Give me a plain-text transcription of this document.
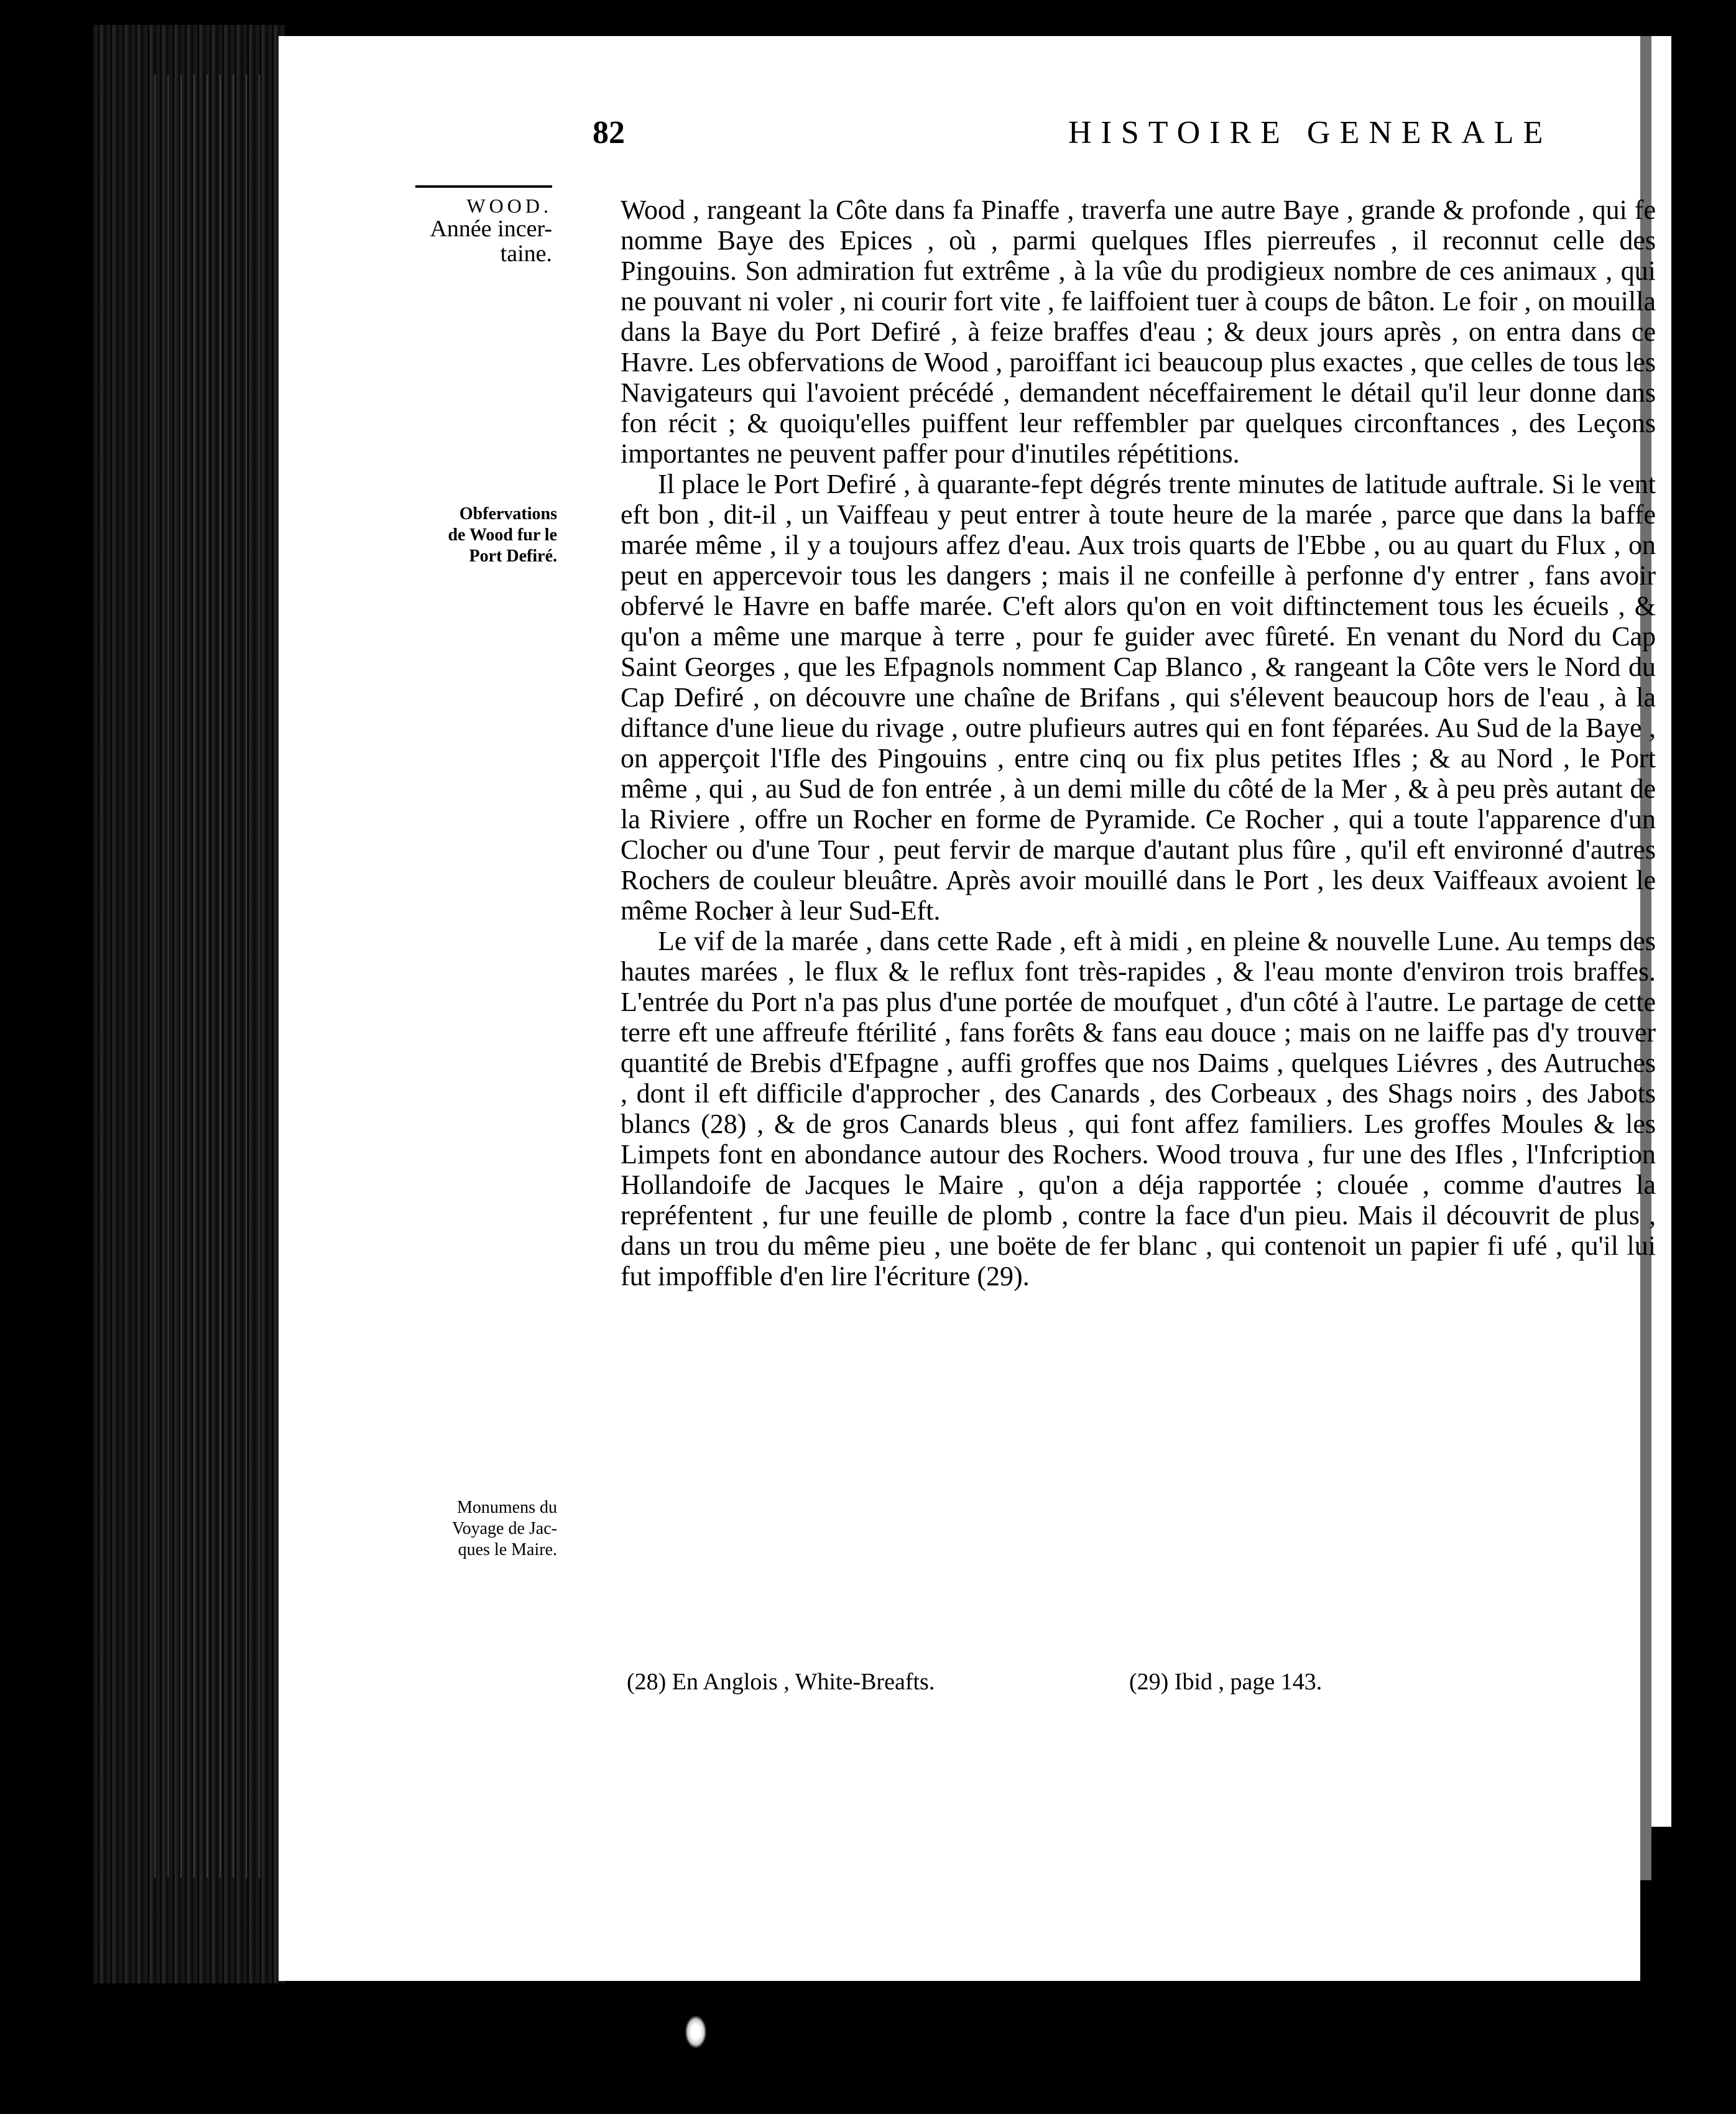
82	HISTOIRE GENERALE
WOOD.
Année incer-
taine.
Obfervations
de Wood fur le
Port Defiré.
Monumens du
Voyage de Jac-
ques le Maire.

Wood , rangeant la Côte dans fa Pinaffe , traverfa une autre Baye , grande & profonde , qui fe nomme Baye des Epices , où , parmi quelques Ifles pierreufes , il reconnut celle des Pingouins. Son admiration fut extrême , à la vûe du prodigieux nombre de ces animaux , qui ne pouvant ni voler , ni courir fort vite , fe laiffoient tuer à coups de bâton. Le foir , on mouilla dans la Baye du Port Defiré , à feize braffes d'eau ; & deux jours après , on entra dans ce Havre. Les obfervations de Wood , paroiffant ici beaucoup plus exactes , que celles de tous les Navigateurs qui l'avoient précédé , demandent néceffairement le détail qu'il leur donne dans fon récit ; & quoiqu'elles puiffent leur reffembler par quelques circonftances , des Leçons importantes ne peuvent paffer pour d'inutiles répétitions.

Il place le Port Defiré , à quarante-fept dégrés trente minutes de latitude auftrale. Si le vent eft bon , dit-il , un Vaiffeau y peut entrer à toute heure de la marée , parce que dans la baffe marée même , il y a toujours affez d'eau. Aux trois quarts de l'Ebbe , ou au quart du Flux , on peut en appercevoir tous les dangers ; mais il ne confeille à perfonne d'y entrer , fans avoir obfervé le Havre en baffe marée. C'eft alors qu'on en voit diftinctement tous les écueils , & qu'on a même une marque à terre , pour fe guider avec fûreté. En venant du Nord du Cap Saint Georges , que les Efpagnols nomment Cap Blanco , & rangeant la Côte vers le Nord du Cap Defiré , on découvre une chaîne de Brifans , qui s'élevent beaucoup hors de l'eau , à la diftance d'une lieue du rivage , outre plufieurs autres qui en font féparées. Au Sud de la Baye , on apperçoit l'Ifle des Pingouins , entre cinq ou fix plus petites Ifles ; & au Nord , le Port même , qui , au Sud de fon entrée , à un demi mille du côté de la Mer , & à peu près autant de la Riviere , offre un Rocher en forme de Pyramide. Ce Rocher , qui a toute l'apparence d'un Clocher ou d'une Tour , peut fervir de marque d'autant plus fûre , qu'il eft environné d'autres Rochers de couleur bleuâtre. Après avoir mouillé dans le Port , les deux Vaiffeaux avoient le même Rocher à leur Sud-Eft.

Le vif de la marée , dans cette Rade , eft à midi , en pleine & nouvelle Lune. Au temps des hautes marées , le flux & le reflux font très-rapides , & l'eau monte d'environ trois braffes. L'entrée du Port n'a pas plus d'une portée de moufquet , d'un côté à l'autre. Le partage de cette terre eft une affreufe ftérilité , fans forêts & fans eau douce ; mais on ne laiffe pas d'y trouver quantité de Brebis d'Efpagne , auffi groffes que nos Daims , quelques Liévres , des Autruches , dont il eft difficile d'approcher , des Canards , des Corbeaux , des Shags noirs , des Jabots blancs (28) , & de gros Canards bleus , qui font affez familiers. Les groffes Moules & les Limpets font en abondance autour des Rochers. Wood trouva , fur une des Ifles , l'Infcription Hollandoife de Jacques le Maire , qu'on a déja rapportée ; clouée , comme d'autres la repréfentent , fur une feuille de plomb , contre la face d'un pieu. Mais il découvrit de plus , dans un trou du même pieu , une boëte de fer blanc , qui contenoit un papier fi ufé , qu'il lui fut impoffible d'en lire l'écriture (29).

(28) En Anglois , White-Breafts.	(29) Ibid , page 143.
